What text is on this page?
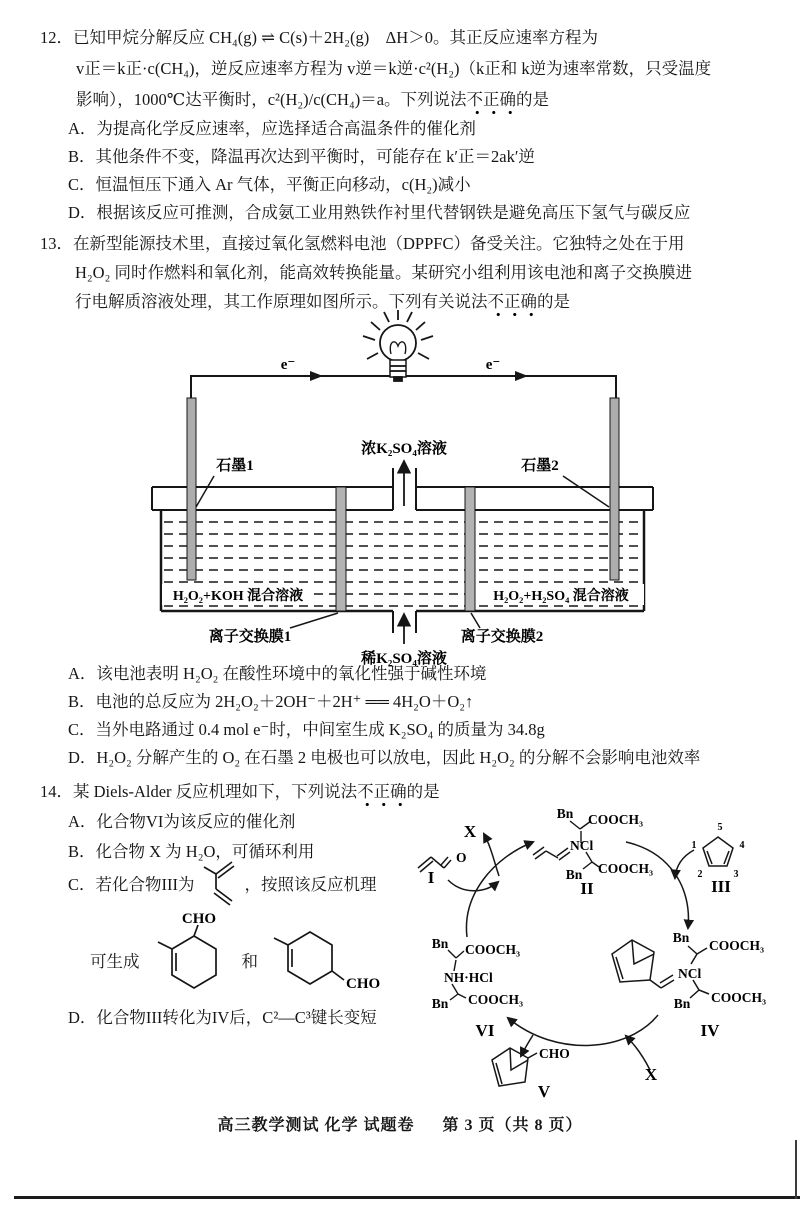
12．已知甲烷分解反应 CH₄(g) ⇌ C(s)＋2H₂(g)　ΔH＞0。其正反应速率方程为
v正＝k正·c(CH₄)，逆反应速率方程为 v逆＝k逆·c²(H₂)（k正和 k逆为速率常数，只受温度
影响），1000℃达平衡时，c²(H₂)/c(CH₄)＝a。下列说法不正确的是
A．为提高化学反应速率，应选择适合高温条件的催化剂
B．其他条件不变，降温再次达到平衡时，可能存在 k′正＝2ak′逆
C．恒温恒压下通入 Ar 气体，平衡正向移动，c(H₂)减小
D．根据该反应可推测，合成氨工业用熟铁作衬里代替钢铁是避免高压下氢气与碳反应
13．在新型能源技术里，直接过氧化氢燃料电池（DPPFC）备受关注。它独特之处在于用
H₂O₂ 同时作燃料和氧化剂，能高效转换能量。某研究小组利用该电池和离子交换膜进
行电解质溶液处理，其工作原理如图所示。下列有关说法不正确的是
e⁻	e⁻
H₂O₂+KOH 混合溶液	H₂O₂+H₂SO₄ 混合溶液
浓K₂SO₄溶液
稀K₂SO₄溶液
石墨1	石墨2
离子交换膜1	离子交换膜2
A．该电池表明 H₂O₂ 在酸性环境中的氧化性强于碱性环境
B．电池的总反应为 2H₂O₂＋2OH⁻＋2H⁺ ══ 4H₂O＋O₂↑
C．当外电路通过 0.4 mol e⁻时，中间室生成 K₂SO₄ 的质量为 34.8g
D．H₂O₂ 分解产生的 O₂ 在石墨 2 电极也可以放电，因此 H₂O₂ 的分解不会影响电池效率
14．某 Diels-Alder 反应机理如下，下列说法不正确的是
A．化合物VI为该反应的催化剂
B．化合物 X 为 H₂O，可循环利用
C．若化合物III为	，按照该反应机理
可生成
CHO
和
CHO
D．化合物III转化为IV后，C²—C³键长变短
O
I
X
Bn COOCH₃
NCl
Bn COOCH₃
II
5
1	4
2	3
III
Bn
COOCH₃
NCl
Bn COOCH₃
IV
Bn COOCH₃
NH·HCl
Bn COOCH₃
VI
CHO
V
X
高三教学测试 化学 试题卷 第 3 页（共 8 页）
